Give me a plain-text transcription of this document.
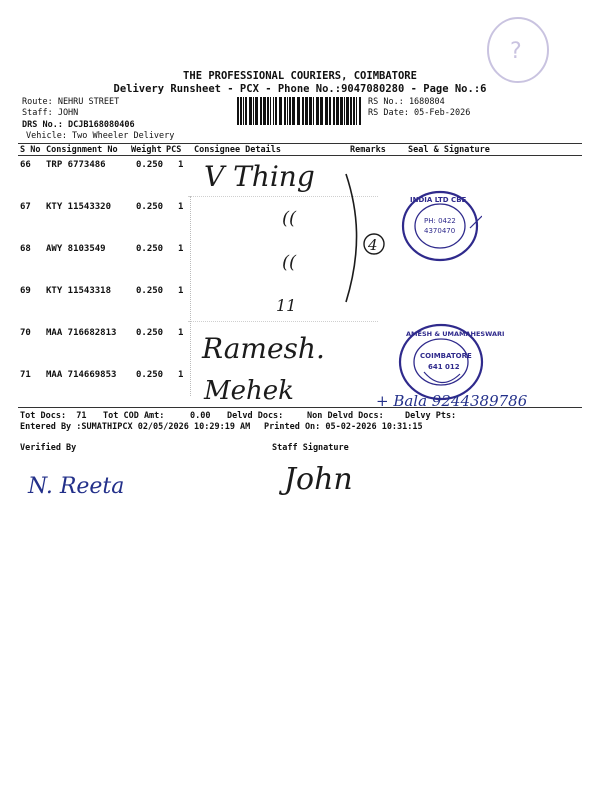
?
THE PROFESSIONAL COURIERS, COIMBATORE
Delivery Runsheet - PCX - Phone No.:9047080280 - Page No.:6
Route: NEHRU STREET
Staff: JOHN
DRS No.: DCJB168080406
Vehicle: Two Wheeler Delivery
RS No.: 1680804
RS Date: 05-Feb-2026
S No Consignment No Weight PCS Consignee Details	Remarks	Seal & Signature
66 TRP 6773486	0.250 1
67 KTY 11543320	0.250 1
68 AWY 8103549	0.250 1
69 KTY 11543318	0.250 1
70 MAA 716682813 0.250 1
71 MAA 714669853 0.250 1
V Thing
((
((
11
Ramesh.
Mehek
4
INDIA LTD CBE
PH: 0422
4370470
AMESH & UMAMAHESWARI
COIMBATORE
641 012
+ Bala 9244389786
Tot Docs:  71 Tot COD Amt:     0.00 Delvd Docs:	Non Delvd Docs: Delvy Pts:
Entered By :SUMATHIPCX 02/05/2026 10:29:19 AM Printed On: 05-02-2026 10:31:15
Verified By	Staff Signature
N. Reeta	John
